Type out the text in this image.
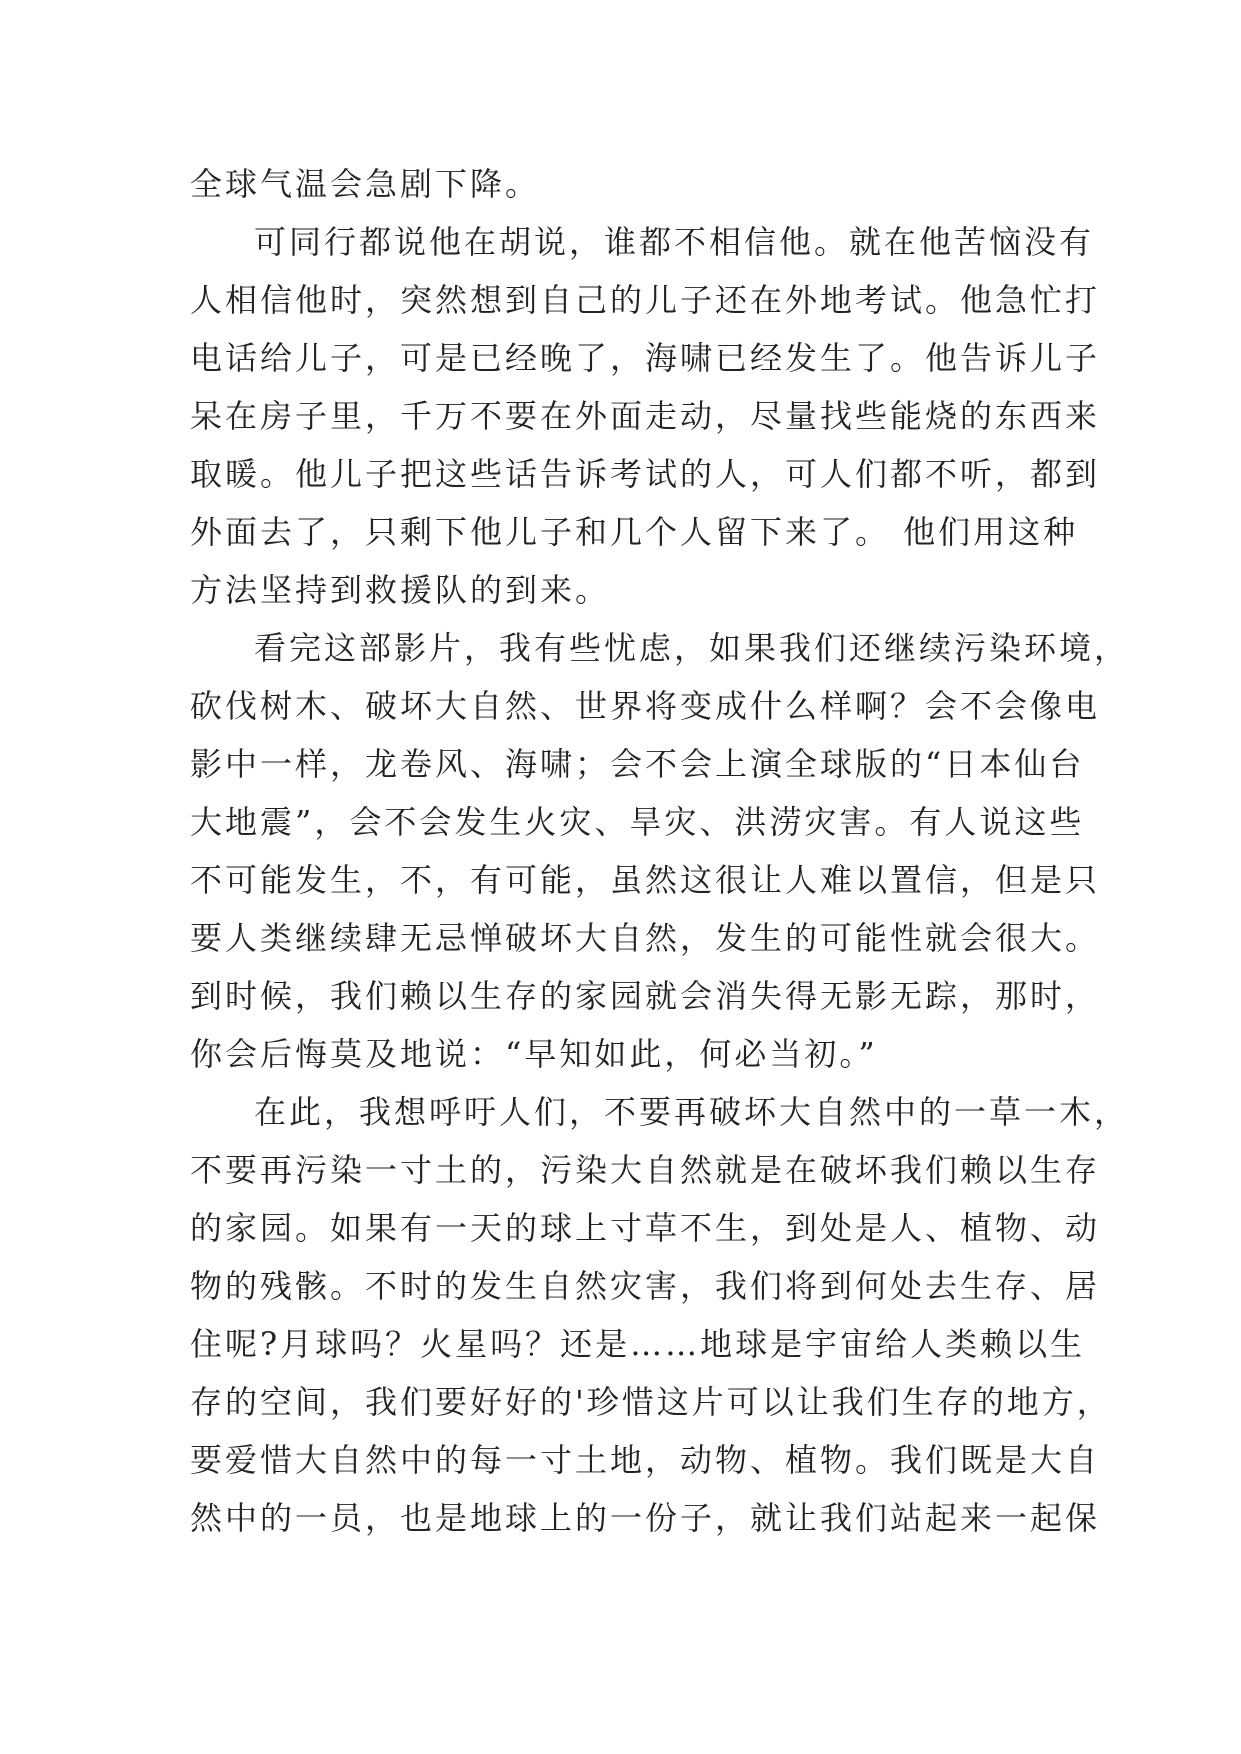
全球气温会急剧下降。
可同行都说他在胡说，谁都不相信他。就在他苦恼没有
人相信他时，突然想到自己的儿子还在外地考试。他急忙打
电话给儿子，可是已经晚了，海啸已经发生了。他告诉儿子
呆在房子里，千万不要在外面走动，尽量找些能烧的东西来
取暖。他儿子把这些话告诉考试的人，可人们都不听，都到
外面去了，只剩下他儿子和几个人留下来了。 他们用这种
方法坚持到救援队的到来。
看完这部影片，我有些忧虑，如果我们还继续污染环境，
砍伐树木、破坏大自然、世界将变成什么样啊？会不会像电
影中一样，龙卷风、海啸；会不会上演全球版的“日本仙台
大地震”，会不会发生火灾、旱灾、洪涝灾害。有人说这些
不可能发生，不，有可能，虽然这很让人难以置信，但是只
要人类继续肆无忌惮破坏大自然，发生的可能性就会很大。
到时候，我们赖以生存的家园就会消失得无影无踪，那时，
你会后悔莫及地说：“早知如此，何必当初。”
在此，我想呼吁人们，不要再破坏大自然中的一草一木，
不要再污染一寸土的，污染大自然就是在破坏我们赖以生存
的家园。如果有一天的球上寸草不生，到处是人、植物、动
物的残骸。不时的发生自然灾害，我们将到何处去生存、居
住呢?月球吗？火星吗？还是……地球是宇宙给人类赖以生
存的空间，我们要好好的'珍惜这片可以让我们生存的地方，
要爱惜大自然中的每一寸土地，动物、植物。我们既是大自
然中的一员，也是地球上的一份子，就让我们站起来一起保
